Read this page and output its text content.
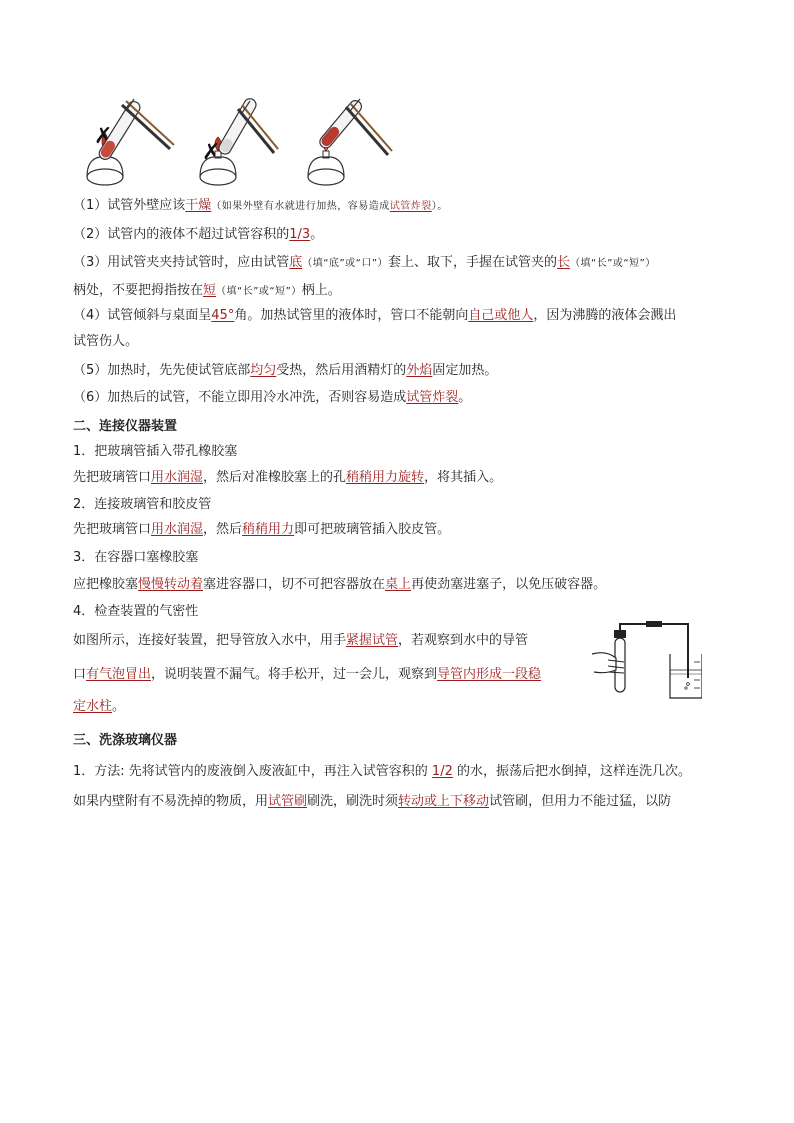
✗
✗
（1）试管外壁应该干燥（如果外壁有水就进行加热，容易造成试管炸裂）。
（2）试管内的液体不超过试管容积的1/3。
（3）用试管夹夹持试管时，应由试管底（填“底”或“口”）套上、取下，手握在试管夹的长（填“长”或“短”）
柄处，不要把拇指按在短（填“长”或“短”）柄上。
（4）试管倾斜与桌面呈45°角。加热试管里的液体时，管口不能朝向自己或他人，因为沸腾的液体会溅出
试管伤人。
（5）加热时，先先使试管底部均匀受热，然后用酒精灯的外焰固定加热。
（6）加热后的试管，不能立即用冷水冲洗，否则容易造成试管炸裂。
二、连接仪器装置
1．把玻璃管插入带孔橡胶塞
先把玻璃管口用水润湿，然后对准橡胶塞上的孔稍稍用力旋转，将其插入。
2．连接玻璃管和胶皮管
先把玻璃管口用水润湿，然后稍稍用力即可把玻璃管插入胶皮管。
3．在容器口塞橡胶塞
应把橡胶塞慢慢转动着塞进容器口，切不可把容器放在桌上再使劲塞进塞子，以免压破容器。
4．检查装置的气密性
如图所示，连接好装置，把导管放入水中，用手紧握试管，若观察到水中的导管
口有气泡冒出，说明装置不漏气。将手松开，过一会儿，观察到导管内形成一段稳
定水柱。
三、洗涤玻璃仪器
1．方法: 先将试管内的废液倒入废液缸中，再注入试管容积的 1/2 的水，振荡后把水倒掉，这样连洗几次。
如果内壁附有不易洗掉的物质，用试管刷刷洗，刷洗时须转动或上下移动试管刷，但用力不能过猛，以防
